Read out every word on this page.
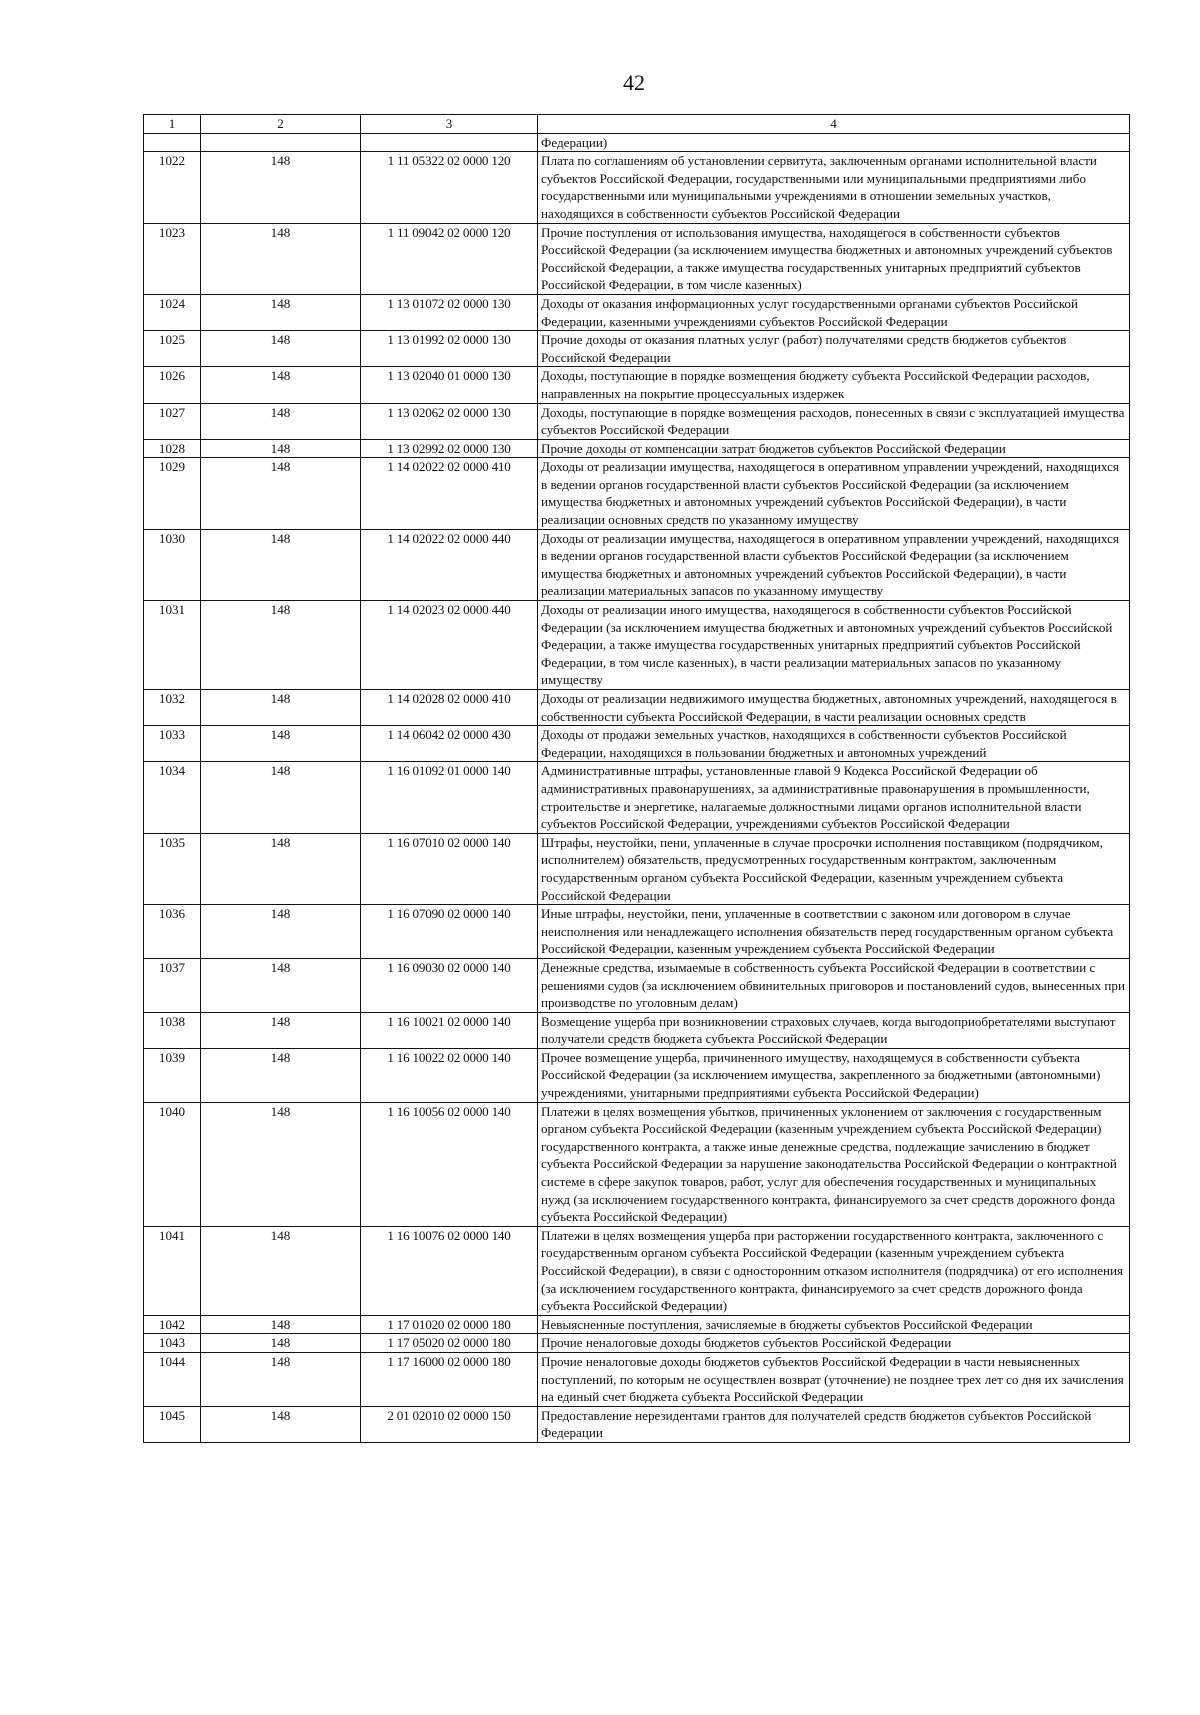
42
1	2	3	4
			Федерации)
1022	148	1 11 05322 02 0000 120	Плата по соглашениям об установлении сервитута, заключенным органами исполнительной власти субъектов Российской Федерации, государственными или муниципальными предприятиями либо государственными или муниципальными учреждениями в отношении земельных участков, находящихся в собственности субъектов Российской Федерации
1023	148	1 11 09042 02 0000 120	Прочие поступления от использования имущества, находящегося в собственности субъектов Российской Федерации (за исключением имущества бюджетных и автономных учреждений субъектов Российской Федерации, а также имущества государственных унитарных предприятий субъектов Российской Федерации, в том числе казенных)
1024	148	1 13 01072 02 0000 130	Доходы от оказания информационных услуг государственными органами субъектов Российской Федерации, казенными учреждениями субъектов Российской Федерации
1025	148	1 13 01992 02 0000 130	Прочие доходы от оказания платных услуг (работ) получателями средств бюджетов субъектов Российской Федерации
1026	148	1 13 02040 01 0000 130	Доходы, поступающие в порядке возмещения бюджету субъекта Российской Федерации расходов, направленных на покрытие процессуальных издержек
1027	148	1 13 02062 02 0000 130	Доходы, поступающие в порядке возмещения расходов, понесенных в связи с эксплуатацией имущества субъектов Российской Федерации
1028	148	1 13 02992 02 0000 130	Прочие доходы от компенсации затрат бюджетов субъектов Российской Федерации
1029	148	1 14 02022 02 0000 410	Доходы от реализации имущества, находящегося в оперативном управлении учреждений, находящихся в ведении органов государственной власти субъектов Российской Федерации (за исключением имущества бюджетных и автономных учреждений субъектов Российской Федерации), в части реализации основных средств по указанному имуществу
1030	148	1 14 02022 02 0000 440	Доходы от реализации имущества, находящегося в оперативном управлении учреждений, находящихся в ведении органов государственной власти субъектов Российской Федерации (за исключением имущества бюджетных и автономных учреждений субъектов Российской Федерации), в части реализации материальных запасов по указанному имуществу
1031	148	1 14 02023 02 0000 440	Доходы от реализации иного имущества, находящегося в собственности субъектов Российской Федерации (за исключением имущества бюджетных и автономных учреждений субъектов Российской Федерации, а также имущества государственных унитарных предприятий субъектов Российской Федерации, в том числе казенных), в части реализации материальных запасов по указанному имуществу
1032	148	1 14 02028 02 0000 410	Доходы от реализации недвижимого имущества бюджетных, автономных учреждений, находящегося в собственности субъекта Российской Федерации, в части реализации основных средств
1033	148	1 14 06042 02 0000 430	Доходы от продажи земельных участков, находящихся в собственности субъектов Российской Федерации, находящихся в пользовании бюджетных и автономных учреждений
1034	148	1 16 01092 01 0000 140	Административные штрафы, установленные главой 9 Кодекса Российской Федерации об административных правонарушениях, за административные правонарушения в промышленности, строительстве и энергетике, налагаемые должностными лицами органов исполнительной власти субъектов Российской Федерации, учреждениями субъектов Российской Федерации
1035	148	1 16 07010 02 0000 140	Штрафы, неустойки, пени, уплаченные в случае просрочки исполнения поставщиком (подрядчиком, исполнителем) обязательств, предусмотренных государственным контрактом, заключенным государственным органом субъекта Российской Федерации, казенным учреждением субъекта Российской Федерации
1036	148	1 16 07090 02 0000 140	Иные штрафы, неустойки, пени, уплаченные в соответствии с законом или договором в случае неисполнения или ненадлежащего исполнения обязательств перед государственным органом субъекта Российской Федерации, казенным учреждением субъекта Российской Федерации
1037	148	1 16 09030 02 0000 140	Денежные средства, изымаемые в собственность субъекта Российской Федерации в соответствии с решениями судов (за исключением обвинительных приговоров и постановлений судов, вынесенных при производстве по уголовным делам)
1038	148	1 16 10021 02 0000 140	Возмещение ущерба при возникновении страховых случаев, когда выгодоприобретателями выступают получатели средств бюджета субъекта Российской Федерации
1039	148	1 16 10022 02 0000 140	Прочее возмещение ущерба, причиненного имуществу, находящемуся в собственности субъекта Российской Федерации (за исключением имущества, закрепленного за бюджетными (автономными) учреждениями, унитарными предприятиями субъекта Российской Федерации)
1040	148	1 16 10056 02 0000 140	Платежи в целях возмещения убытков, причиненных уклонением от заключения с государственным органом субъекта Российской Федерации (казенным учреждением субъекта Российской Федерации) государственного контракта, а также иные денежные средства, подлежащие зачислению в бюджет субъекта Российской Федерации за нарушение законодательства Российской Федерации о контрактной системе в сфере закупок товаров, работ, услуг для обеспечения государственных и муниципальных нужд (за исключением государственного контракта, финансируемого за счет средств дорожного фонда субъекта Российской Федерации)
1041	148	1 16 10076 02 0000 140	Платежи в целях возмещения ущерба при расторжении государственного контракта, заключенного с государственным органом субъекта Российской Федерации (казенным учреждением субъекта Российской Федерации), в связи с односторонним отказом исполнителя (подрядчика) от его исполнения (за исключением государственного контракта, финансируемого за счет средств дорожного фонда субъекта Российской Федерации)
1042	148	1 17 01020 02 0000 180	Невыясненные поступления, зачисляемые в бюджеты субъектов Российской Федерации
1043	148	1 17 05020 02 0000 180	Прочие неналоговые доходы бюджетов субъектов Российской Федерации
1044	148	1 17 16000 02 0000 180	Прочие неналоговые доходы бюджетов субъектов Российской Федерации в части невыясненных поступлений, по которым не осуществлен возврат (уточнение) не позднее трех лет со дня их зачисления на единый счет бюджета субъекта Российской Федерации
1045	148	2 01 02010 02 0000 150	Предоставление нерезидентами грантов для получателей средств бюджетов субъектов Российской Федерации
